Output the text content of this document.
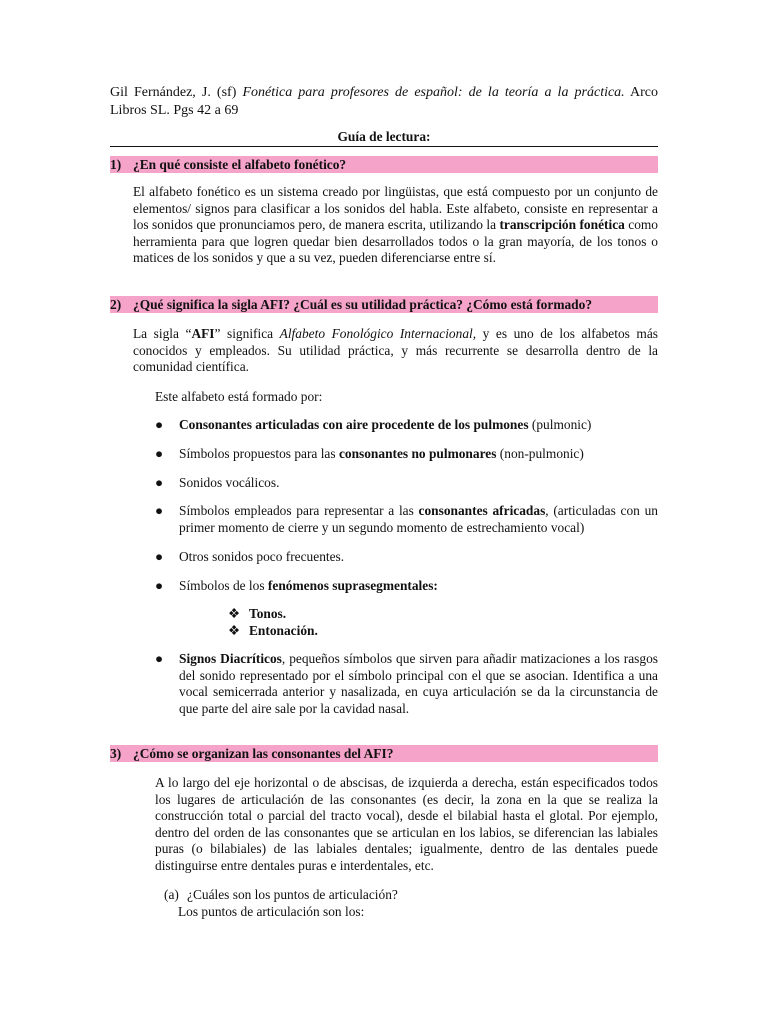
Gil Fernández, J. (sf) Fonética para profesores de español: de la teoría a la práctica. Arco Libros SL. Pgs 42 a 69
Guía de lectura:
1) ¿En qué consiste el alfabeto fonético?
El alfabeto fonético es un sistema creado por lingüistas, que está compuesto por un conjunto de elementos/ signos para clasificar a los sonidos del habla. Este alfabeto, consiste en representar a los sonidos que pronunciamos pero, de manera escrita, utilizando la transcripción fonética como herramienta para que logren quedar bien desarrollados todos o la gran mayoría, de los tonos o matices de los sonidos y que a su vez, pueden diferenciarse entre sí.
2) ¿Qué significa la sigla AFI? ¿Cuál es su utilidad práctica? ¿Cómo está formado?
La sigla “AFI” significa Alfabeto Fonológico Internacional, y es uno de los alfabetos más conocidos y empleados. Su utilidad práctica, y más recurrente se desarrolla dentro de la comunidad científica.
Este alfabeto está formado por:
● Consonantes articuladas con aire procedente de los pulmones (pulmonic)
● Símbolos propuestos para las consonantes no pulmonares (non-pulmonic)
● Sonidos vocálicos.
● Símbolos empleados para representar a las consonantes africadas, (articuladas con un primer momento de cierre y un segundo momento de estrechamiento vocal)
● Otros sonidos poco frecuentes.
● Símbolos de los fenómenos suprasegmentales:
❖ Tonos.
❖ Entonación.
● Signos Diacríticos, pequeños símbolos que sirven para añadir matizaciones a los rasgos del sonido representado por el símbolo principal con el que se asocian. Identifica a una vocal semicerrada anterior y nasalizada, en cuya articulación se da la circunstancia de que parte del aire sale por la cavidad nasal.
3) ¿Cómo se organizan las consonantes del AFI?
A lo largo del eje horizontal o de abscisas, de izquierda a derecha, están especificados todos los lugares de articulación de las consonantes (es decir, la zona en la que se realiza la construcción total o parcial del tracto vocal), desde el bilabial hasta el glotal. Por ejemplo, dentro del orden de las consonantes que se articulan en los labios, se diferencian las labiales puras (o bilabiales) de las labiales dentales; igualmente, dentro de las dentales puede distinguirse entre dentales puras e interdentales, etc.
(a) ¿Cuáles son los puntos de articulación?
Los puntos de articulación son los:
